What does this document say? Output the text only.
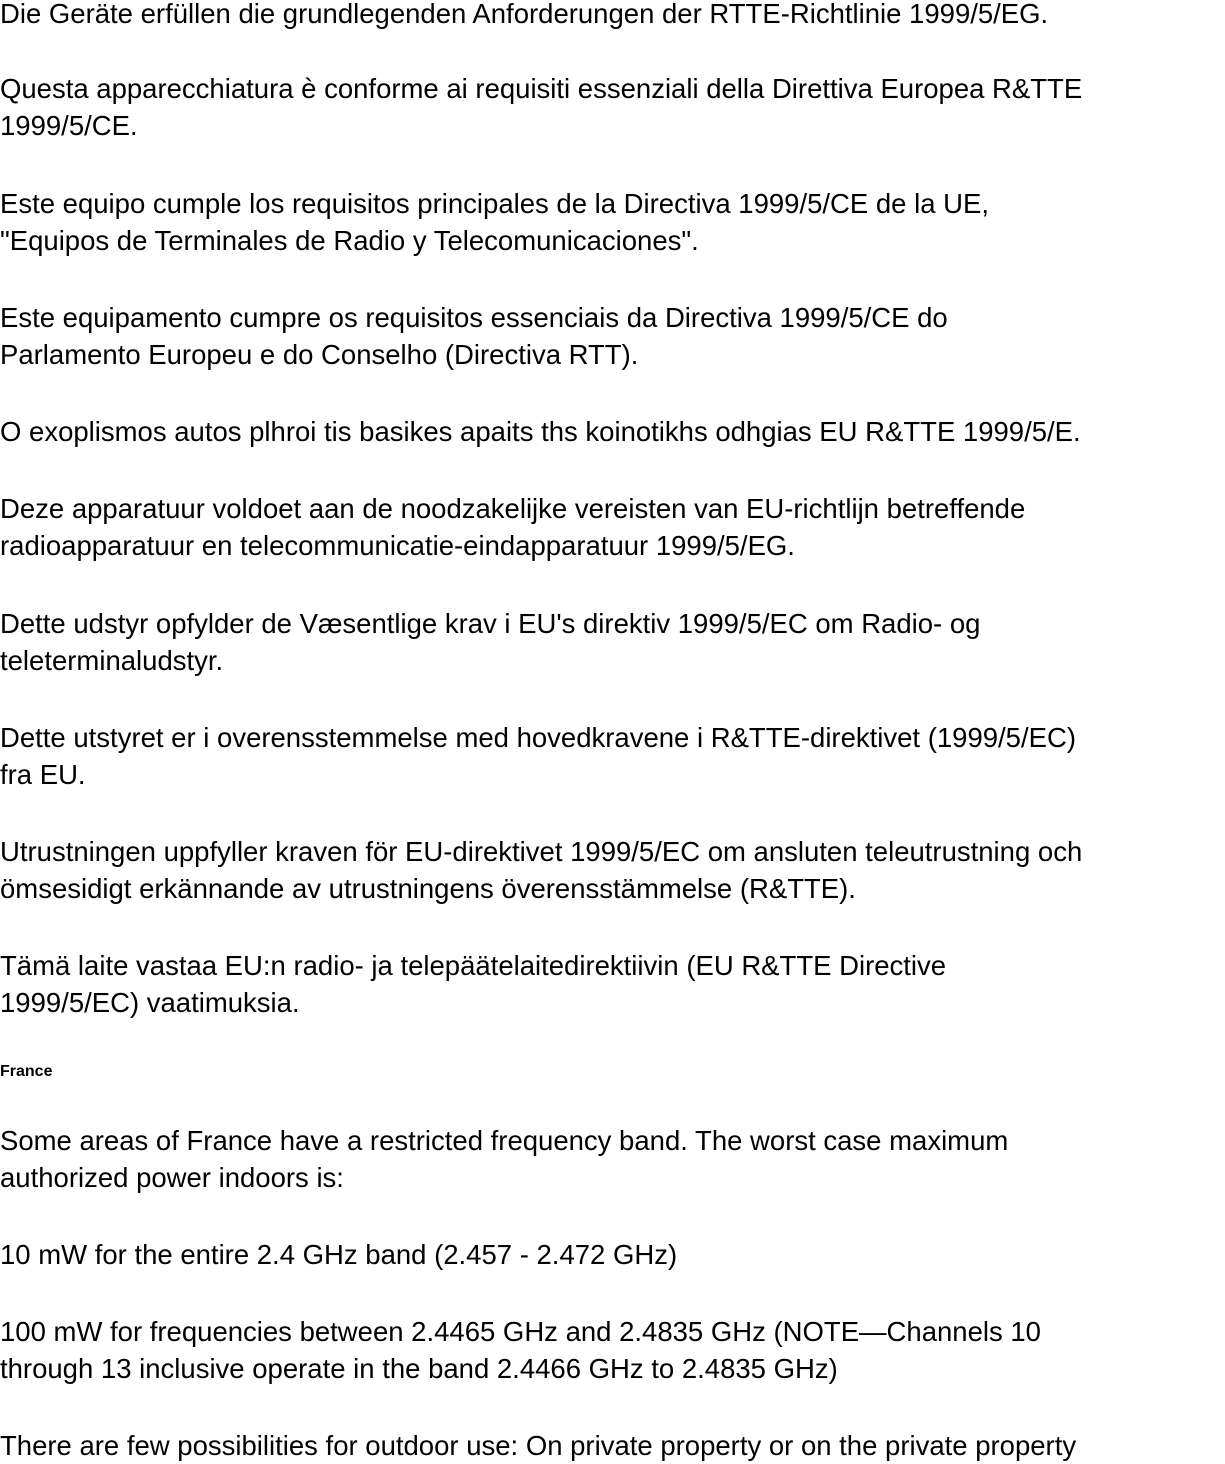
Die Geräte erfüllen die grundlegenden Anforderungen der RTTE-Richtlinie 1999/5/EG.

Questa apparecchiatura è conforme ai requisiti essenziali della Direttiva Europea R&TTE
1999/5/CE.

Este equipo cumple los requisitos principales de la Directiva 1999/5/CE de la UE,
"Equipos de Terminales de Radio y Telecomunicaciones".

Este equipamento cumpre os requisitos essenciais da Directiva 1999/5/CE do
Parlamento Europeu e do Conselho (Directiva RTT).

O exoplismos autos plhroi tis basikes apaits ths koinotikhs odhgias EU R&TTE 1999/5/E.

Deze apparatuur voldoet aan de noodzakelijke vereisten van EU-richtlijn betreffende
radioapparatuur en telecommunicatie-eindapparatuur 1999/5/EG.

Dette udstyr opfylder de Væsentlige krav i EU's direktiv 1999/5/EC om Radio- og
teleterminaludstyr.

Dette utstyret er i overensstemmelse med hovedkravene i R&TTE-direktivet (1999/5/EC)
fra EU.

Utrustningen uppfyller kraven för EU-direktivet 1999/5/EC om ansluten teleutrustning och
ömsesidigt erkännande av utrustningens överensstämmelse (R&TTE).

Tämä laite vastaa EU:n radio- ja telepäätelaitedirektiivin (EU R&TTE Directive
1999/5/EC) vaatimuksia.

France

Some areas of France have a restricted frequency band. The worst case maximum
authorized power indoors is:

10 mW for the entire 2.4 GHz band (2.457 - 2.472 GHz)

100 mW for frequencies between 2.4465 GHz and 2.4835 GHz (NOTE—Channels 10
through 13 inclusive operate in the band 2.4466 GHz to 2.4835 GHz)

There are few possibilities for outdoor use: On private property or on the private property
